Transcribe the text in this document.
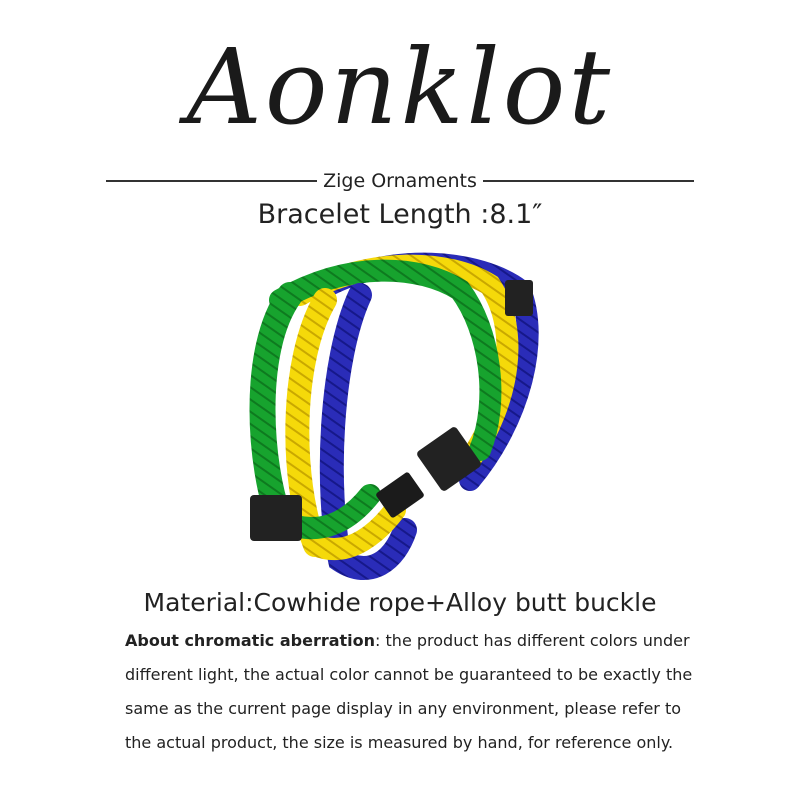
Aonklot
Zige Ornaments
Bracelet Length :8.1″
Material:Cowhide rope+Alloy butt buckle
About chromatic aberration: the product has different colors under different light, the actual color cannot be guaranteed to be exactly the same as the current page display in any environment, please refer to the actual product, the size is measured by hand, for reference only.
